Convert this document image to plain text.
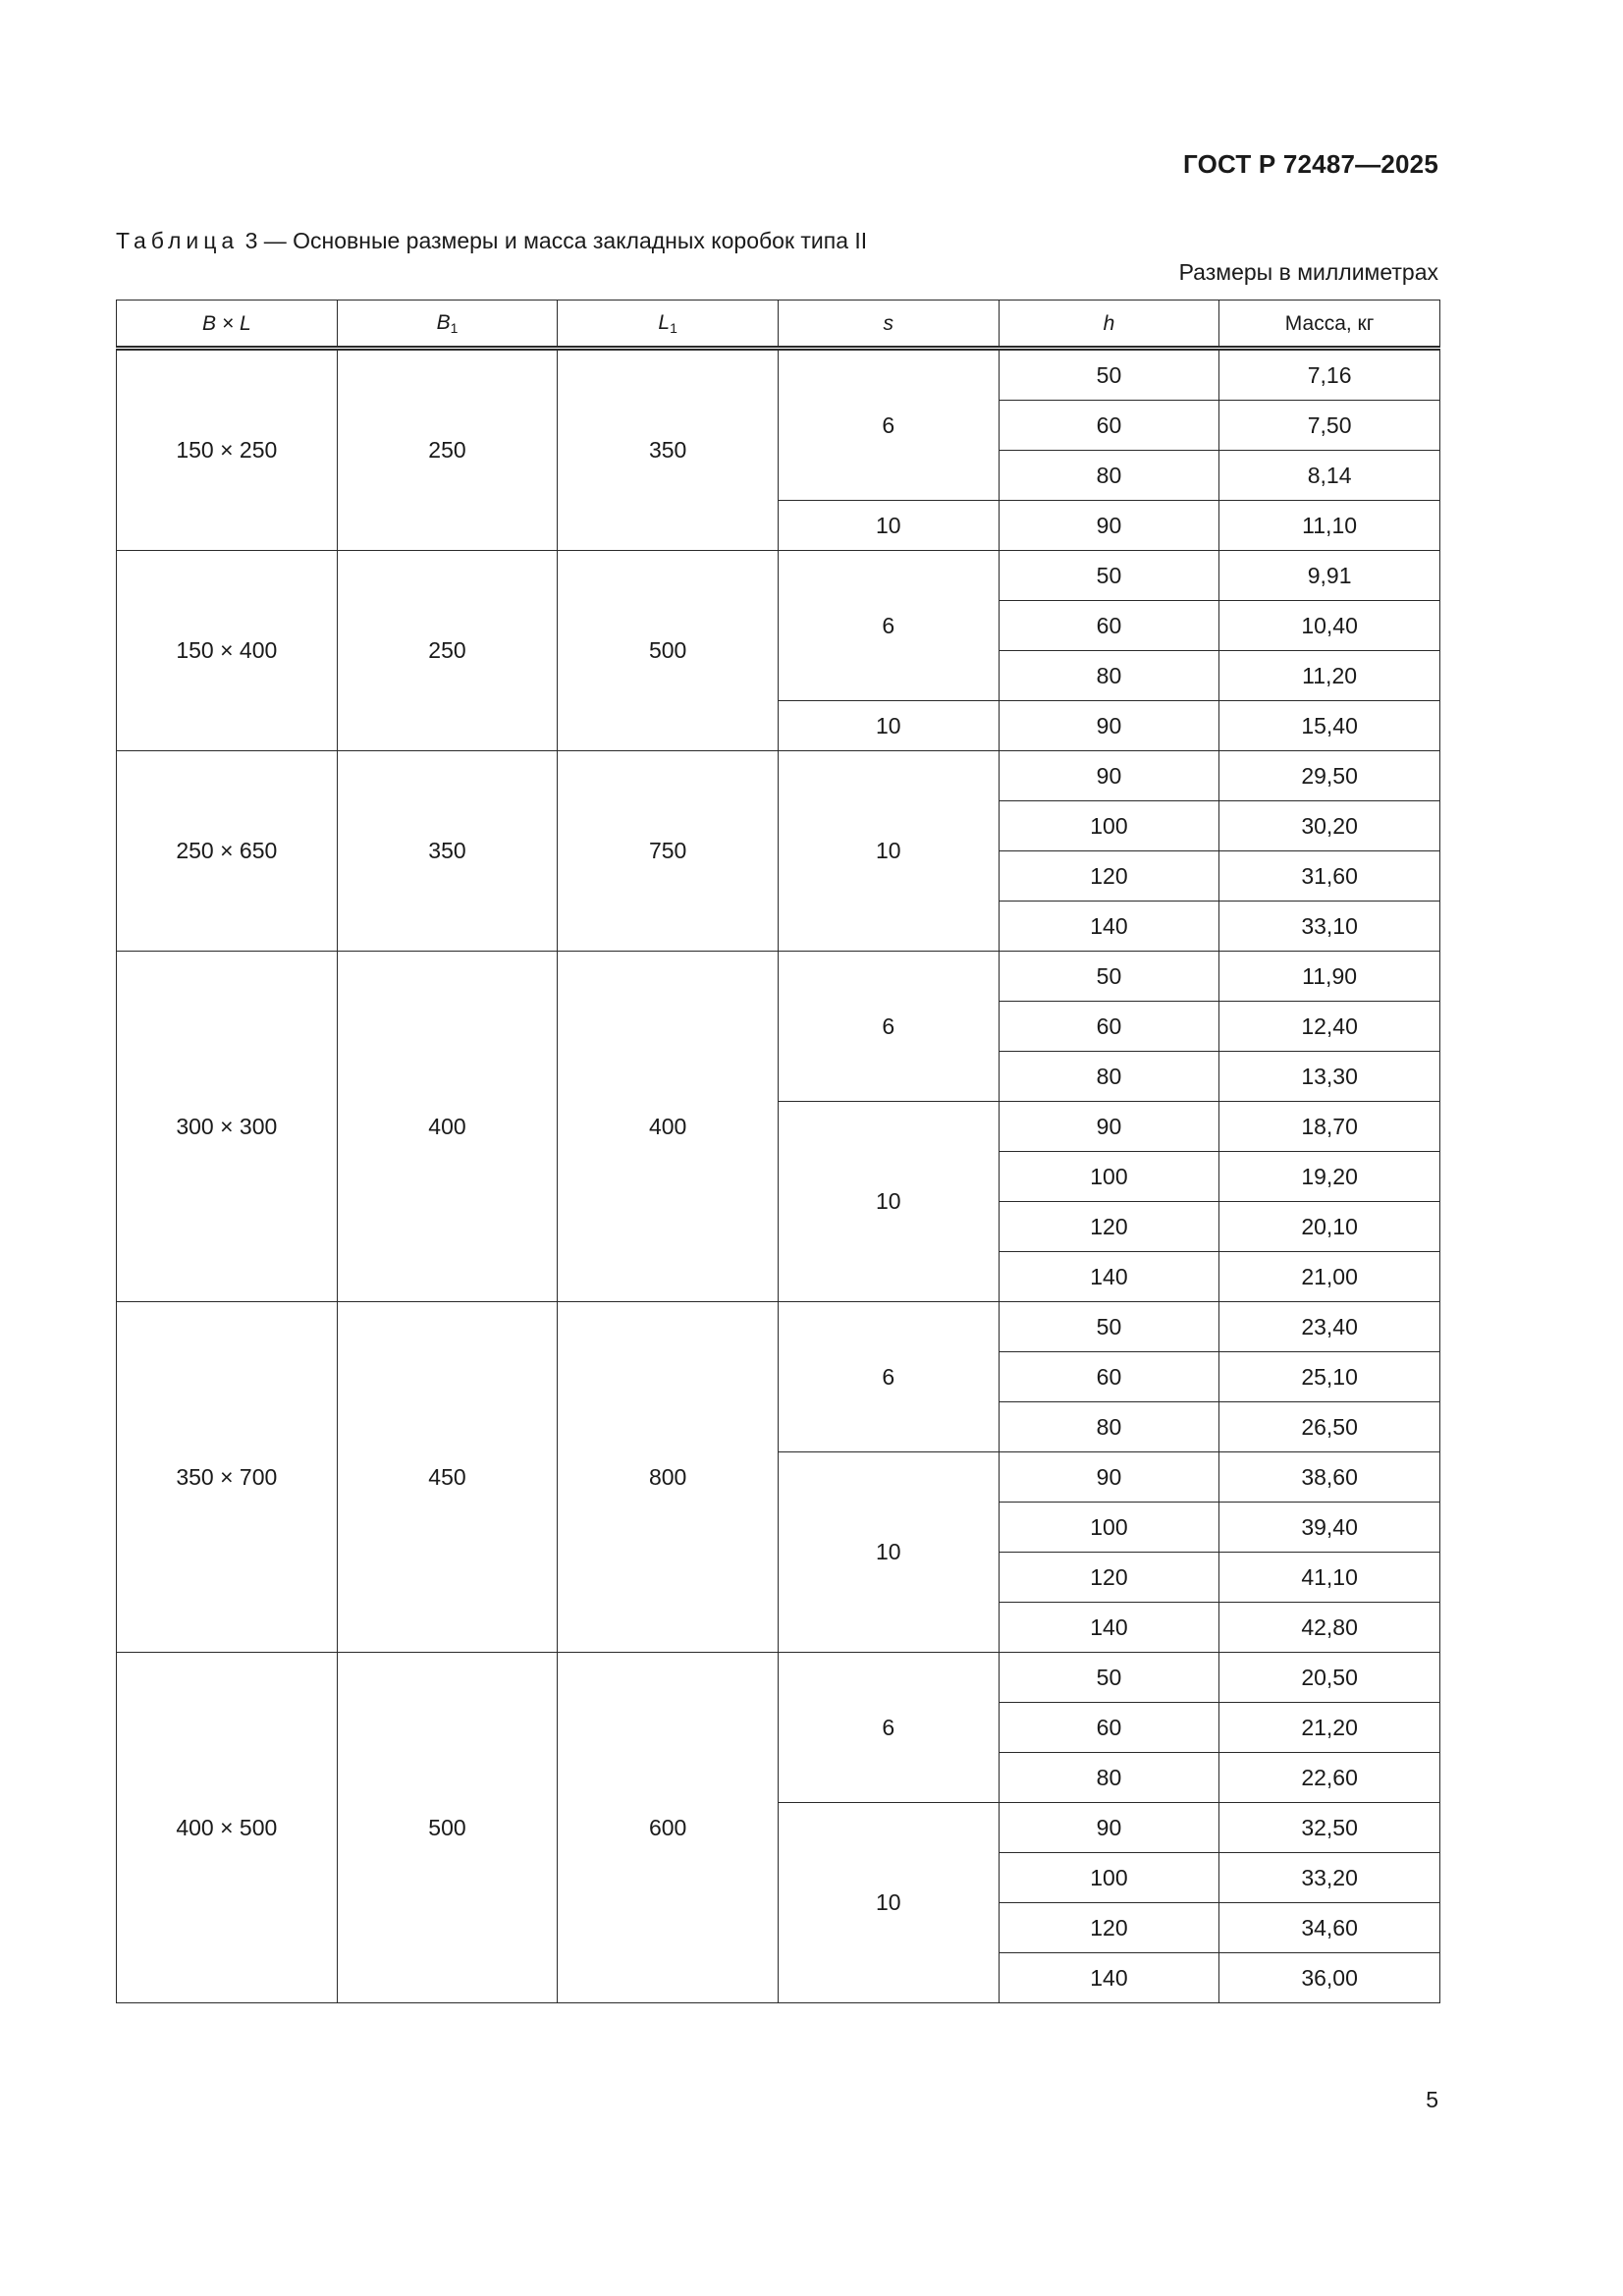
ГОСТ Р 72487—2025
Таблица 3 — Основные размеры и масса закладных коробок типа II
Размеры в миллиметрах
B × L	$B_1$	$L_1$	s	h	Масса, кг
150 × 250	250	350	6	50	7,16
				60	7,50
				80	8,14
			10	90	11,10
150 × 400	250	500	6	50	9,91
				60	10,40
				80	11,20
			10	90	15,40
250 × 650	350	750	10	90	29,50
				100	30,20
				120	31,60
				140	33,10
300 × 300	400	400	6	50	11,90
				60	12,40
				80	13,30
			10	90	18,70
				100	19,20
				120	20,10
				140	21,00
350 × 700	450	800	6	50	23,40
				60	25,10
				80	26,50
			10	90	38,60
				100	39,40
				120	41,10
				140	42,80
400 × 500	500	600	6	50	20,50
				60	21,20
				80	22,60
			10	90	32,50
				100	33,20
				120	34,60
				140	36,00
5
